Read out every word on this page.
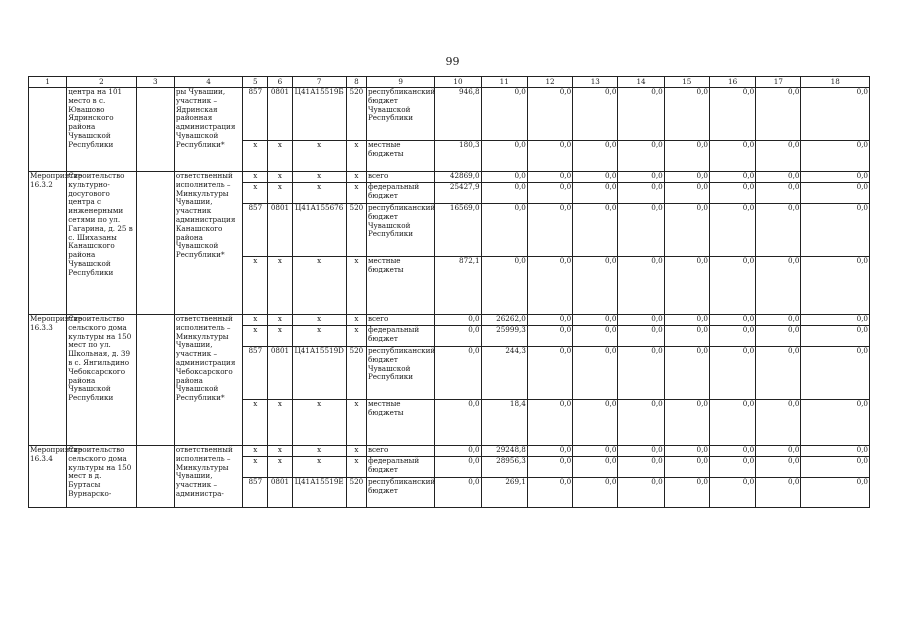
99
1	2	3	4	5	6	7	8	9	10	11	12	13	14	15	16	17	18
	центра на 101 место в с. Ювашово Ядринского района Чувашской Республики		ры Чувашии, участник – Ядринская районная администрация Чувашской Республики*	857	0801	Ц41А15519Б	520	республиканский бюджет Чувашской Республики	946,8	0,0	0,0	0,0	0,0	0,0	0,0	0,0	0,0
				x	x	x	x	местные бюджеты	180,3	0,0	0,0	0,0	0,0	0,0	0,0	0,0	0,0
Мероприятие 16.3.2	Строительство культурно-досугового центра с инженерными сетями по ул. Гагарина, д. 25 в с. Шихазаны Канашского района Чувашской Республики		ответственный исполнитель – Минкультуры Чувашии, участник администрация Канашского района Чувашской Республики*	x	x	x	x	всего	42869,0	0,0	0,0	0,0	0,0	0,0	0,0	0,0	0,0
				x	x	x	x	федеральный бюджет	25427,9	0,0	0,0	0,0	0,0	0,0	0,0	0,0	0,0
				857	0801	Ц41А155676	520	республиканский бюджет Чувашской Республики	16569,0	0,0	0,0	0,0	0,0	0,0	0,0	0,0	0,0
				x	x	x	x	местные бюджеты	872,1	0,0	0,0	0,0	0,0	0,0	0,0	0,0	0,0
Мероприятие 16.3.3	Строительство сельского дома культуры на 150 мест по ул. Школьная, д. 39 в с. Янгильдино Чебоксарского района Чувашской Республики		ответственный исполнитель – Минкультуры Чувашии, участник – администрация Чебоксарского района Чувашской Республики*	x	x	x	x	всего	0,0	26262,0	0,0	0,0	0,0	0,0	0,0	0,0	0,0
				x	x	x	x	федеральный бюджет	0,0	25999,3	0,0	0,0	0,0	0,0	0,0	0,0	0,0
				857	0801	Ц41А15519D	520	республиканский бюджет Чувашской Республики	0,0	244,3	0,0	0,0	0,0	0,0	0,0	0,0	0,0
				x	x	x	x	местные бюджеты	0,0	18,4	0,0	0,0	0,0	0,0	0,0	0,0	0,0
Мероприятие 16.3.4	Строительство сельского дома культуры на 150 мест в д. Буртасы Вурнарско-		ответственный исполнитель – Минкультуры Чувашии, участник – администра-	x	x	x	x	всего	0,0	29248,8	0,0	0,0	0,0	0,0	0,0	0,0	0,0
				x	x	x	x	федеральный бюджет	0,0	28956,3	0,0	0,0	0,0	0,0	0,0	0,0	0,0
				857	0801	Ц41А15519E	520	республиканский бюджет	0,0	269,1	0,0	0,0	0,0	0,0	0,0	0,0	0,0
